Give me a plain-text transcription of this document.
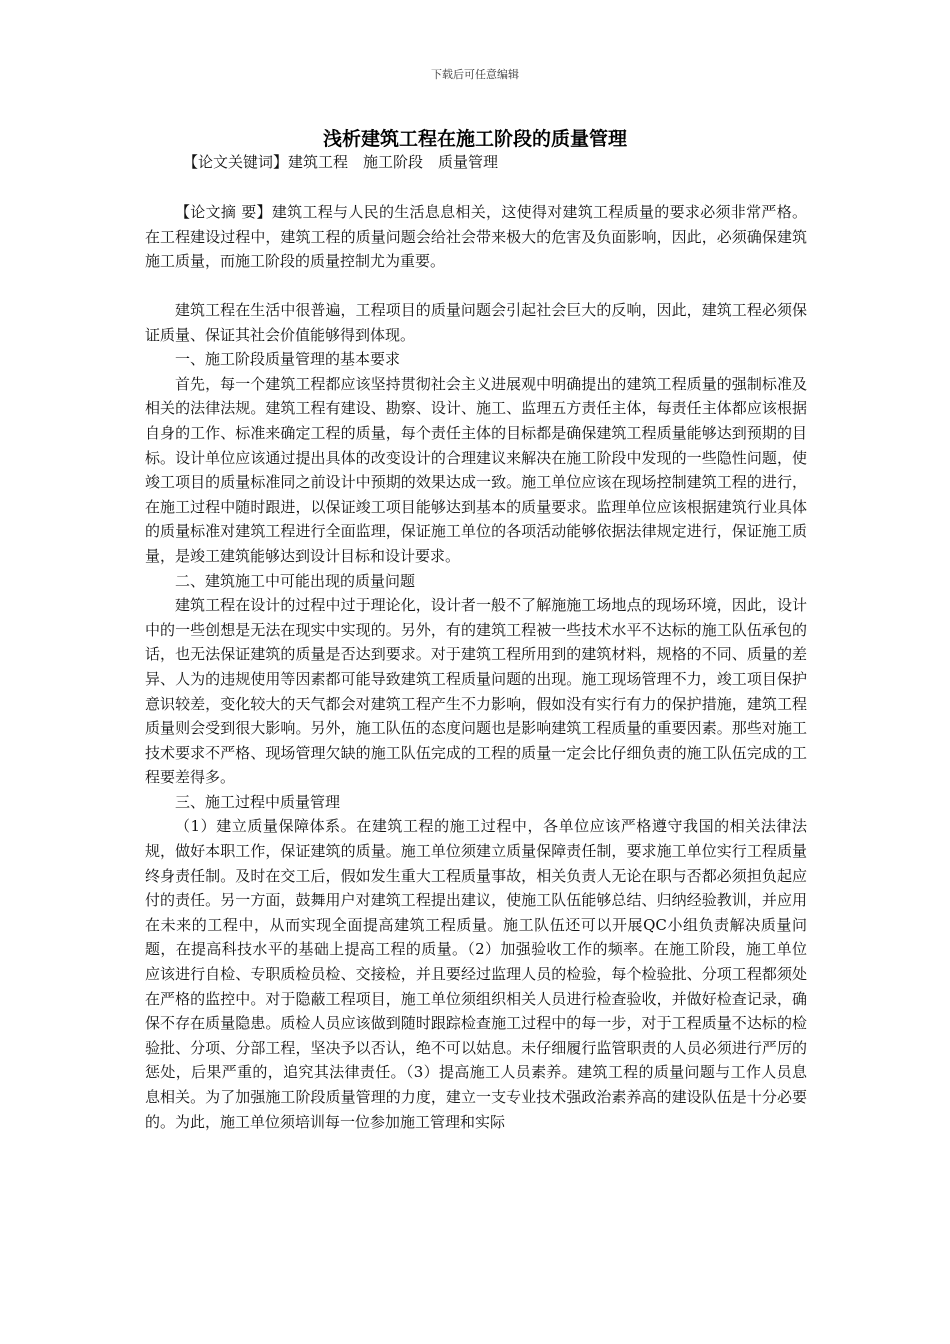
下载后可任意编辑
浅析建筑工程在施工阶段的质量管理
【论文关键词】建筑工程　施工阶段　质量管理

【论文摘 要】建筑工程与人民的生活息息相关，这使得对建筑工程质量的要求必须非常严格。在工程建设过程中，建筑工程的质量问题会给社会带来极大的危害及负面影响，因此，必须确保建筑施工质量，而施工阶段的质量控制尤为重要。

建筑工程在生活中很普遍，工程项目的质量问题会引起社会巨大的反响，因此，建筑工程必须保证质量、保证其社会价值能够得到体现。

一、施工阶段质量管理的基本要求

首先，每一个建筑工程都应该坚持贯彻社会主义进展观中明确提出的建筑工程质量的强制标准及相关的法律法规。建筑工程有建设、勘察、设计、施工、监理五方责任主体，每责任主体都应该根据自身的工作、标准来确定工程的质量，每个责任主体的目标都是确保建筑工程质量能够达到预期的目标。设计单位应该通过提出具体的改变设计的合理建议来解决在施工阶段中发现的一些隐性问题，使竣工项目的质量标准同之前设计中预期的效果达成一致。施工单位应该在现场控制建筑工程的进行，在施工过程中随时跟进，以保证竣工项目能够达到基本的质量要求。监理单位应该根据建筑行业具体的质量标准对建筑工程进行全面监理，保证施工单位的各项活动能够依据法律规定进行，保证施工质量，是竣工建筑能够达到设计目标和设计要求。

二、建筑施工中可能出现的质量问题

建筑工程在设计的过程中过于理论化，设计者一般不了解施施工场地点的现场环境，因此，设计中的一些创想是无法在现实中实现的。另外，有的建筑工程被一些技术水平不达标的施工队伍承包的话，也无法保证建筑的质量是否达到要求。对于建筑工程所用到的建筑材料，规格的不同、质量的差异、人为的违规使用等因素都可能导致建筑工程质量问题的出现。施工现场管理不力，竣工项目保护意识较差，变化较大的天气都会对建筑工程产生不力影响，假如没有实行有力的保护措施，建筑工程质量则会受到很大影响。另外，施工队伍的态度问题也是影响建筑工程质量的重要因素。那些对施工技术要求不严格、现场管理欠缺的施工队伍完成的工程的质量一定会比仔细负责的施工队伍完成的工程要差得多。

三、施工过程中质量管理

（1）建立质量保障体系。在建筑工程的施工过程中，各单位应该严格遵守我国的相关法律法规，做好本职工作，保证建筑的质量。施工单位须建立质量保障责任制，要求施工单位实行工程质量终身责任制。及时在交工后，假如发生重大工程质量事故，相关负责人无论在职与否都必须担负起应付的责任。另一方面，鼓舞用户对建筑工程提出建议，使施工队伍能够总结、归纳经验教训，并应用在未来的工程中，从而实现全面提高建筑工程质量。施工队伍还可以开展QC小组负责解决质量问题，在提高科技水平的基础上提高工程的质量。（2）加强验收工作的频率。在施工阶段，施工单位应该进行自检、专职质检员检、交接检，并且要经过监理人员的检验，每个检验批、分项工程都须处在严格的监控中。对于隐蔽工程项目，施工单位须组织相关人员进行检查验收，并做好检查记录，确保不存在质量隐患。质检人员应该做到随时跟踪检查施工过程中的每一步，对于工程质量不达标的检验批、分项、分部工程，坚决予以否认，绝不可以姑息。未仔细履行监管职责的人员必须进行严厉的惩处，后果严重的，追究其法律责任。（3）提高施工人员素养。建筑工程的质量问题与工作人员息息相关。为了加强施工阶段质量管理的力度，建立一支专业技术强政治素养高的建设队伍是十分必要的。为此，施工单位须培训每一位参加施工管理和实际
